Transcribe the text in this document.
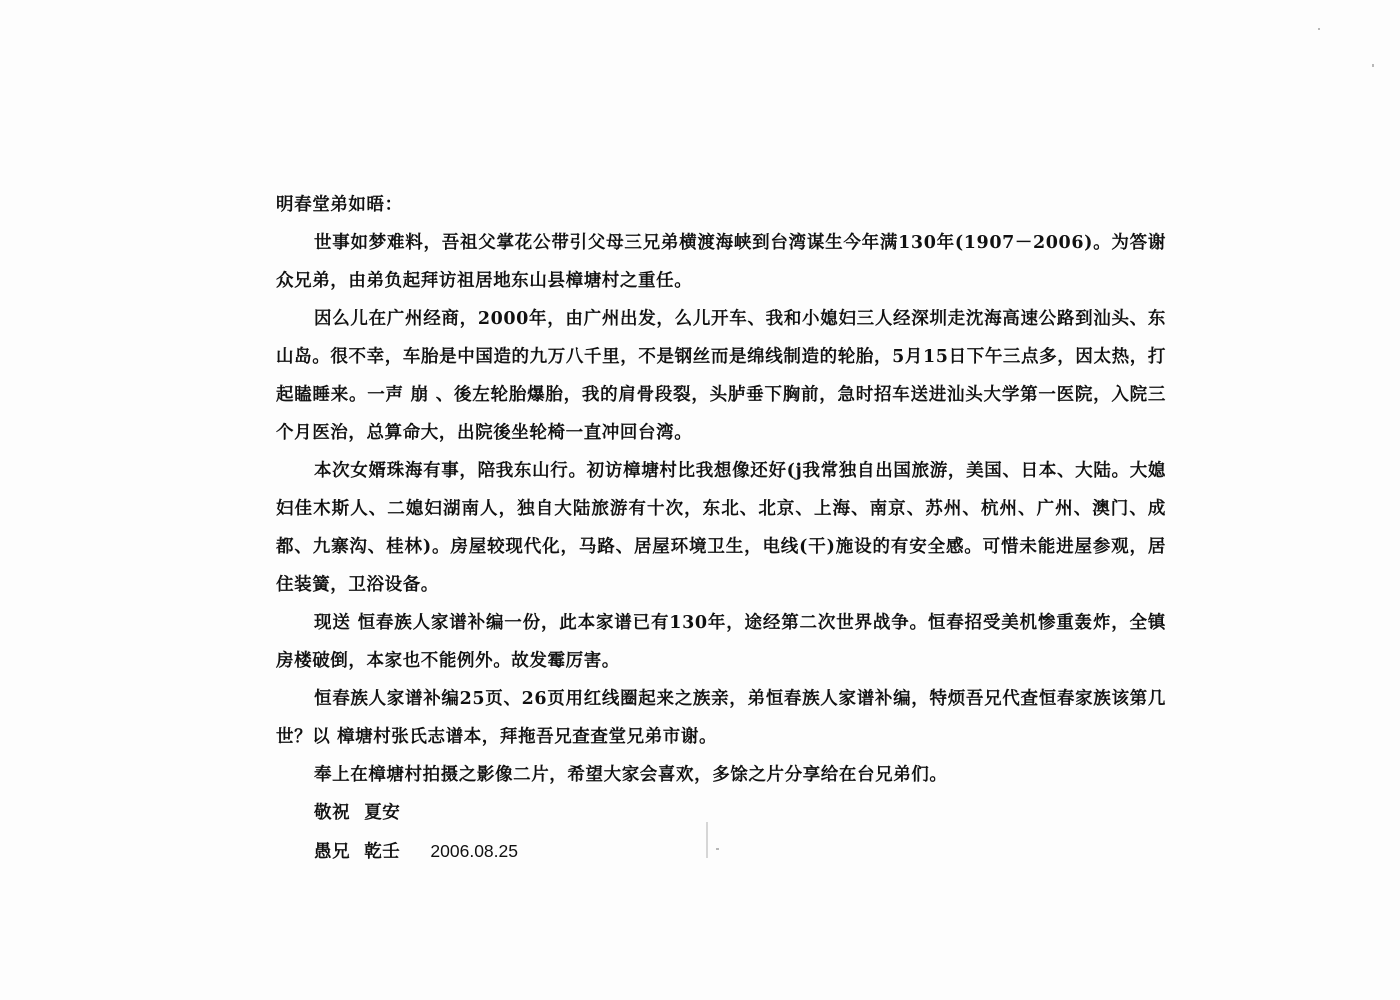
明春堂弟如晤：

世事如梦难料，吾祖父掌花公带引父母三兄弟横渡海峡到台湾谋生今年满130年(1907－2006)。为答谢众兄弟，由弟负起拜访祖居地东山县樟塘村之重任。

因么儿在广州经商，2000年，由广州出发，么儿开车、我和小媳妇三人经深圳走沈海高速公路到汕头、东山岛。很不幸，车胎是中国造的九万八千里，不是钢丝而是绵线制造的轮胎，5月15日下午三点多，因太热，打起瞌睡来。一声 崩 、後左轮胎爆胎，我的肩骨段裂，头胪垂下胸前，急时招车送进汕头大学第一医院，入院三个月医治，总算命大，出院後坐轮椅一直冲回台湾。

本次女婿珠海有事，陪我东山行。初访樟塘村比我想像还好(j我常独自出国旅游，美国、日本、大陆。大媳妇佳木斯人、二媳妇湖南人，独自大陆旅游有十次，东北、北京、上海、南京、苏州、杭州、广州、澳门、成都、九寨沟、桂林)。房屋较现代化，马路、居屋环境卫生，电线(干)施设的有安全感。可惜未能进屋参观，居住装簧，卫浴设备。

现送 恒春族人家谱补编一份，此本家谱已有130年，途经第二次世界战争。恒春招受美机惨重轰炸，全镇房楼破倒，本家也不能例外。故发霉厉害。

恒春族人家谱补编25页、26页用红线圈起来之族亲，弟恒春族人家谱补编，特烦吾兄代查恒春家族该第几世？以 樟塘村张氏志谱本，拜拖吾兄查查堂兄弟市谢。

奉上在樟塘村拍摄之影像二片，希望大家会喜欢，多馀之片分享给在台兄弟们。

敬祝 夏安

愚兄 乾壬 2006.08.25
